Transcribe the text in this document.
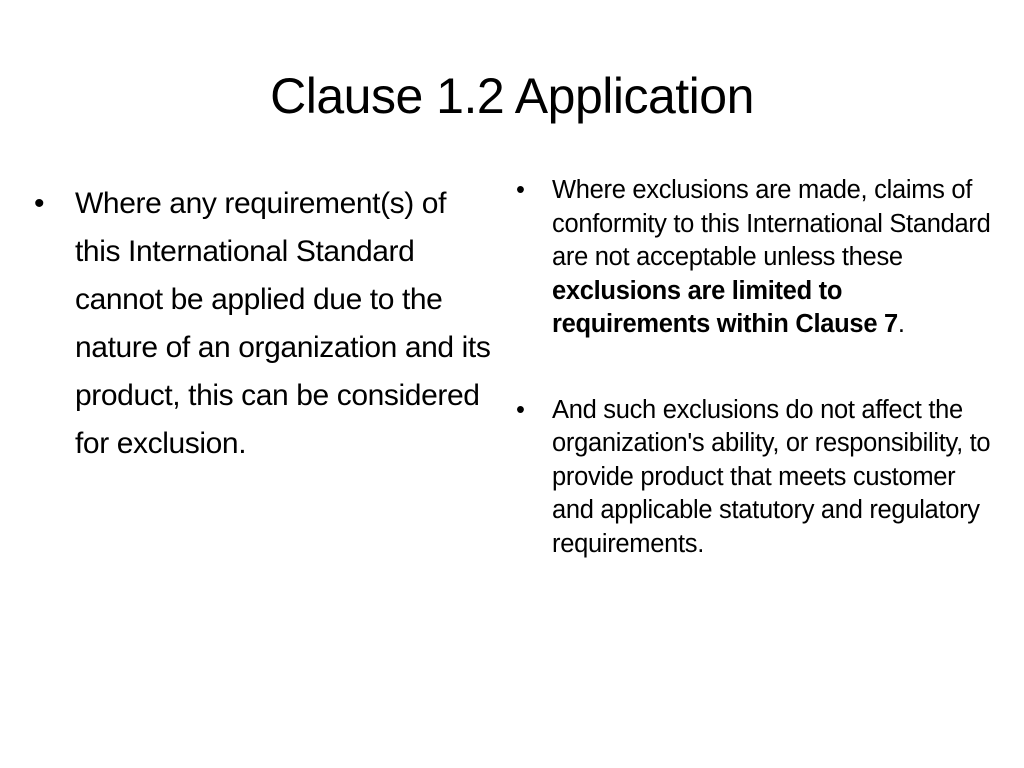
Clause 1.2 Application
• Where any requirement(s) of this International Standard cannot be applied due to the nature of an organization and its product, this can be considered for exclusion.
• Where exclusions are made, claims of conformity to this International Standard are not acceptable unless these exclusions are limited to requirements within Clause 7.
• And such exclusions do not affect the organization's ability, or responsibility, to provide product that meets customer and applicable statutory and regulatory requirements.
